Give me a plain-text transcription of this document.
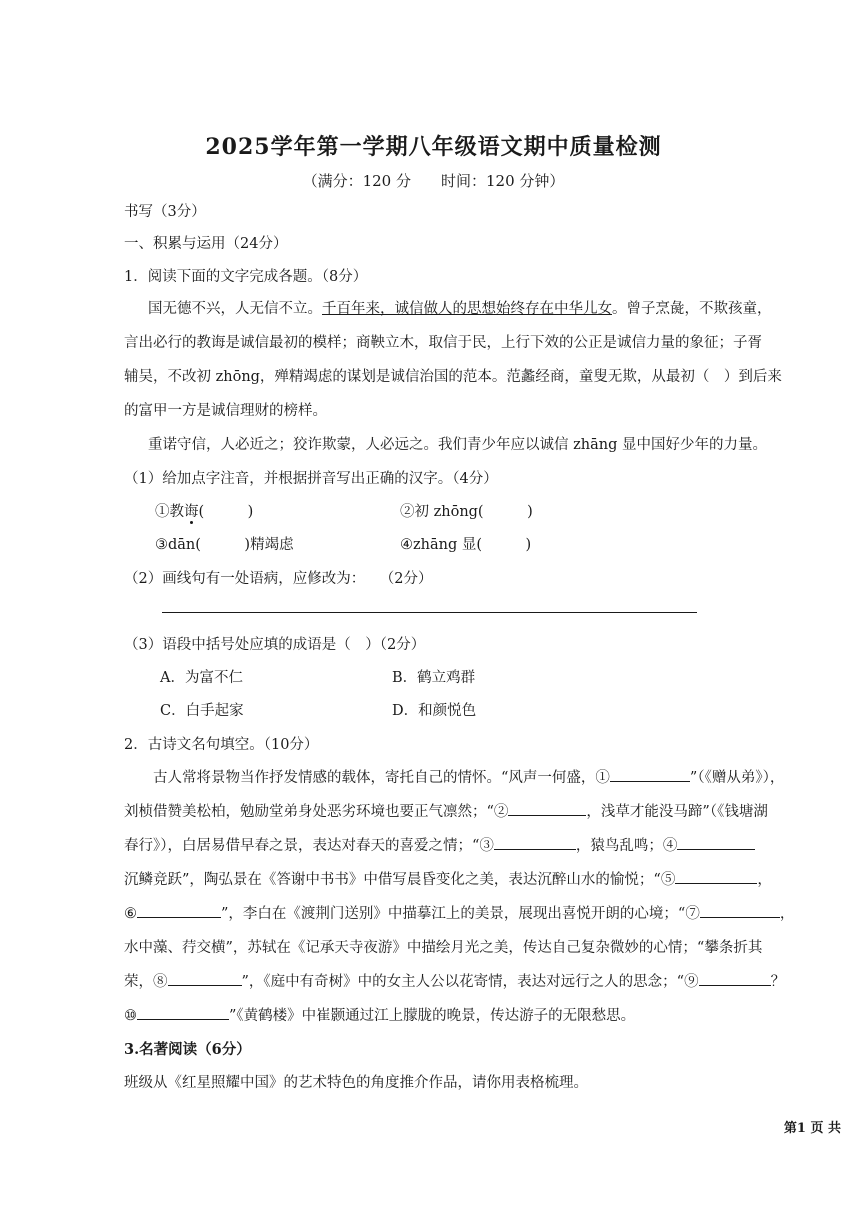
2025学年第一学期八年级语文期中质量检测
（满分：120 分　　时间：120 分钟）
书写（3分）
一、积累与运用（24分）
1．阅读下面的文字完成各题。（8分）
国无德不兴，人无信不立。千百年来，诚信做人的思想始终存在中华儿女。曾子烹彘，不欺孩童，
言出必行的教诲是诚信最初的模样；商鞅立木，取信于民，上行下效的公正是诚信力量的象征；子胥
辅吴，不改初 zhōng，殚精竭虑的谋划是诚信治国的范本。范蠡经商，童叟无欺，从最初（　）到后来
的富甲一方是诚信理财的榜样。
重诺守信，人必近之；狡诈欺蒙，人必远之。我们青少年应以诚信 zhāng 显中国好少年的力量。
（1）给加点字注音，并根据拼音写出正确的汉字。（4分）
①教诲(　　　)	②初 zhōng(　　　)
③dān(　　　)精竭虑	④zhāng 显(　　　)
（2）画线句有一处语病，应修改为：　　（2分）
（3）语段中括号处应填的成语是（　）（2分）
A．为富不仁	B．鹤立鸡群
C．白手起家	D．和颜悦色
2．古诗文名句填空。（10分）
　　古人常将景物当作抒发情感的载体，寄托自己的情怀。“风声一何盛，①	”（《赠从弟》），
刘桢借赞美松柏，勉励堂弟身处恶劣环境也要正气凛然；“②	，浅草才能没马蹄”（《钱塘湖
春行》），白居易借早春之景，表达对春天的喜爱之情；“③	，猿鸟乱鸣；④
沉鳞竞跃”，陶弘景在《答谢中书书》中借写晨昏变化之美，表达沉醉山水的愉悦；“⑤	，
⑥	”，李白在《渡荆门送别》中描摹江上的美景，展现出喜悦开朗的心境；“⑦	，
水中藻、荇交横”，苏轼在《记承天寺夜游》中描绘月光之美，传达自己复杂微妙的心情；“攀条折其
荣，⑧	”，《庭中有奇树》中的女主人公以花寄情，表达对远行之人的思念；“⑨	？
⑩	”《黄鹤楼》中崔颢通过江上朦胧的晚景，传达游子的无限愁思。
3.名著阅读（6分）
班级从《红星照耀中国》的艺术特色的角度推介作品，请你用表格梳理。
第1 页 共
